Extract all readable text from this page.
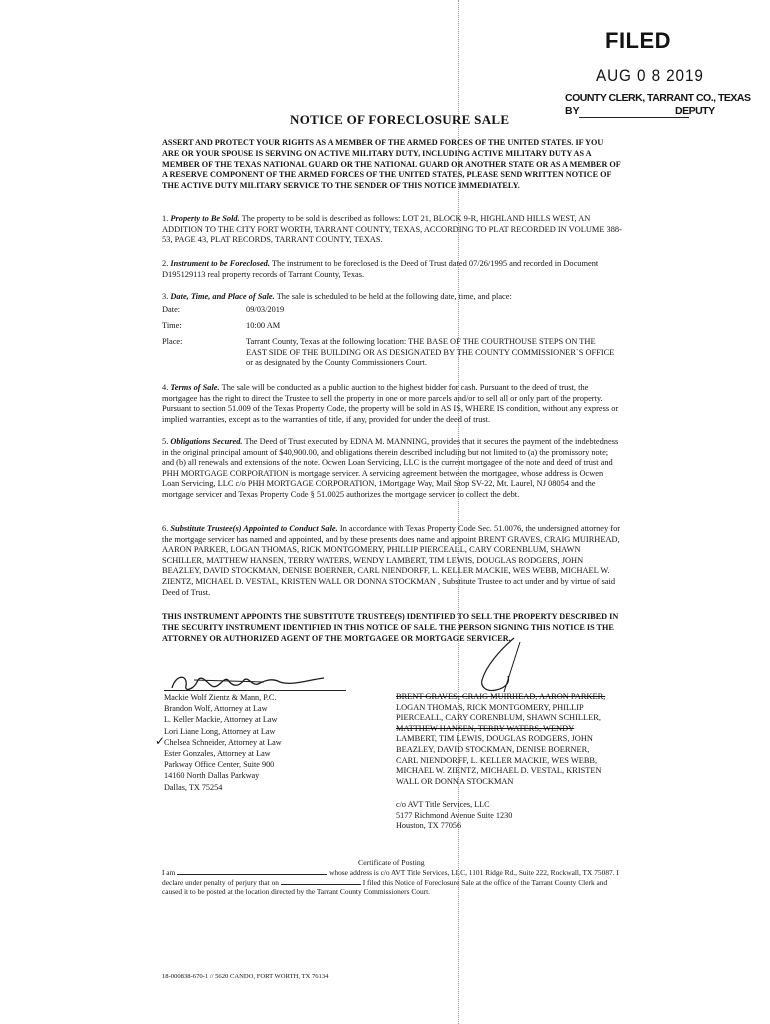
FILED
AUG 0 8 2019
COUNTY CLERK, TARRANT CO., TEXAS
BY	DEPUTY
NOTICE OF FORECLOSURE SALE
ASSERT AND PROTECT YOUR RIGHTS AS A MEMBER OF THE ARMED FORCES OF THE UNITED STATES. IF YOU ARE OR YOUR SPOUSE IS SERVING ON ACTIVE MILITARY DUTY, INCLUDING ACTIVE MILITARY DUTY AS A MEMBER OF THE TEXAS NATIONAL GUARD OR THE NATIONAL GUARD OR ANOTHER STATE OR AS A MEMBER OF A RESERVE COMPONENT OF THE ARMED FORCES OF THE UNITED STATES, PLEASE SEND WRITTEN NOTICE OF THE ACTIVE DUTY MILITARY SERVICE TO THE SENDER OF THIS NOTICE IMMEDIATELY.
1. Property to Be Sold. The property to be sold is described as follows: LOT 21, BLOCK 9-R, HIGHLAND HILLS WEST, AN ADDITION TO THE CITY FORT WORTH, TARRANT COUNTY, TEXAS, ACCORDING TO PLAT RECORDED IN VOLUME 388-53, PAGE 43, PLAT RECORDS, TARRANT COUNTY, TEXAS.
2. Instrument to be Foreclosed. The instrument to be foreclosed is the Deed of Trust dated 07/26/1995 and recorded in Document D195129113 real property records of Tarrant County, Texas.
3. Date, Time, and Place of Sale. The sale is scheduled to be held at the following date, time, and place:
Date:	09/03/2019
Time:	10:00 AM
Place:	Tarrant County, Texas at the following location: THE BASE OF THE COURTHOUSE STEPS ON THE EAST SIDE OF THE BUILDING OR AS DESIGNATED BY THE COUNTY COMMISSIONER`S OFFICE or as designated by the County Commissioners Court.
4. Terms of Sale. The sale will be conducted as a public auction to the highest bidder for cash. Pursuant to the deed of trust, the mortgagee has the right to direct the Trustee to sell the property in one or more parcels and/or to sell all or only part of the property. Pursuant to section 51.009 of the Texas Property Code, the property will be sold in AS IS, WHERE IS condition, without any express or implied warranties, except as to the warranties of title, if any, provided for under the deed of trust.
5. Obligations Secured. The Deed of Trust executed by EDNA M. MANNING, provides that it secures the payment of the indebtedness in the original principal amount of $40,900.00, and obligations therein described including but not limited to (a) the promissory note; and (b) all renewals and extensions of the note. Ocwen Loan Servicing, LLC is the current mortgagee of the note and deed of trust and PHH MORTGAGE CORPORATION is mortgage servicer. A servicing agreement between the mortgagee, whose address is Ocwen Loan Servicing, LLC c/o PHH MORTGAGE CORPORATION, 1Mortgage Way, Mail Stop SV-22, Mt. Laurel, NJ 08054 and the mortgage servicer and Texas Property Code § 51.0025 authorizes the mortgage servicer to collect the debt.
6. Substitute Trustee(s) Appointed to Conduct Sale. In accordance with Texas Property Code Sec. 51.0076, the undersigned attorney for the mortgage servicer has named and appointed, and by these presents does name and appoint BRENT GRAVES, CRAIG MUIRHEAD, AARON PARKER, LOGAN THOMAS, RICK MONTGOMERY, PHILLIP PIERCEALL, CARY CORENBLUM, SHAWN SCHILLER, MATTHEW HANSEN, TERRY WATERS, WENDY LAMBERT, TIM LEWIS, DOUGLAS RODGERS, JOHN BEAZLEY, DAVID STOCKMAN, DENISE BOERNER, CARL NIENDORFF, L. KELLER MACKIE, WES WEBB, MICHAEL W. ZIENTZ, MICHAEL D. VESTAL, KRISTEN WALL OR DONNA STOCKMAN , Substitute Trustee to act under and by virtue of said Deed of Trust.
THIS INSTRUMENT APPOINTS THE SUBSTITUTE TRUSTEE(S) IDENTIFIED TO SELL THE PROPERTY DESCRIBED IN THE SECURITY INSTRUMENT IDENTIFIED IN THIS NOTICE OF SALE. THE PERSON SIGNING THIS NOTICE IS THE ATTORNEY OR AUTHORIZED AGENT OF THE MORTGAGEE OR MORTGAGE SERVICER.
Mackie Wolf Zientz & Mann, P.C.
Brandon Wolf, Attorney at Law
L. Keller Mackie, Attorney at Law
Lori Liane Long, Attorney at Law
Chelsea Schneider, Attorney at Law
Ester Gonzales, Attorney at Law
Parkway Office Center, Suite 900
14160 North Dallas Parkway
Dallas, TX 75254
✓
BRENT GRAVES, CRAIG MUIRHEAD, AARON PARKER,
LOGAN THOMAS, RICK MONTGOMERY, PHILLIP
PIERCEALL, CARY CORENBLUM, SHAWN SCHILLER,
MATTHEW HANSEN, TERRY WATERS, WENDY
LAMBERT, TIM LEWIS, DOUGLAS RODGERS, JOHN
BEAZLEY, DAVID STOCKMAN, DENISE BOERNER,
CARL NIENDORFF, L. KELLER MACKIE, WES WEBB,
MICHAEL W. ZIENTZ, MICHAEL D. VESTAL, KRISTEN
WALL OR DONNA STOCKMAN
c/o AVT Title Services, LLC
5177 Richmond Avenue Suite 1230
Houston, TX 77056
Certificate of Posting
I am	whose address is c/o AVT Title Services, LLC, 1101 Ridge Rd., Suite 222, Rockwall, TX 75087. I declare under penalty of perjury that on	I filed this Notice of Foreclosure Sale at the office of the Tarrant County Clerk and caused it to be posted at the location directed by the Tarrant County Commissioners Court.
18-000838-670-1 // 5620 CANDO, FORT WORTH, TX 76134
